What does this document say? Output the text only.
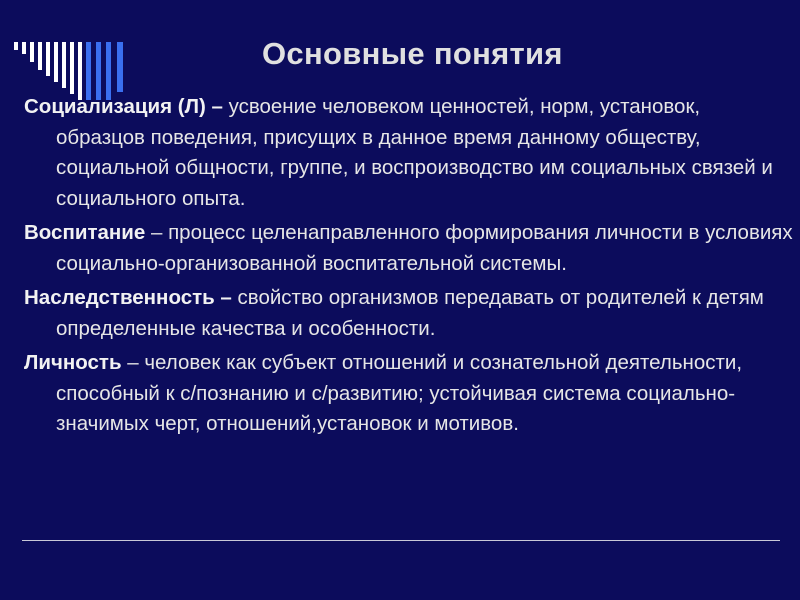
Основные понятия

Социализация (Л) – усвоение человеком ценностей, норм, установок, образцов поведения, присущих в данное время данному обществу, социальной общности, группе, и воспроизводство им социальных связей и социального опыта.

Воспитание – процесс целенаправленного формирования личности в условиях социально-организованной воспитательной системы.

Наследственность – свойство организмов передавать от родителей к детям определенные качества и особенности.

Личность – человек как субъект отношений и сознательной деятельности, способный к с/познанию и с/развитию; устойчивая система социально-значимых черт, отношений,установок и мотивов.
